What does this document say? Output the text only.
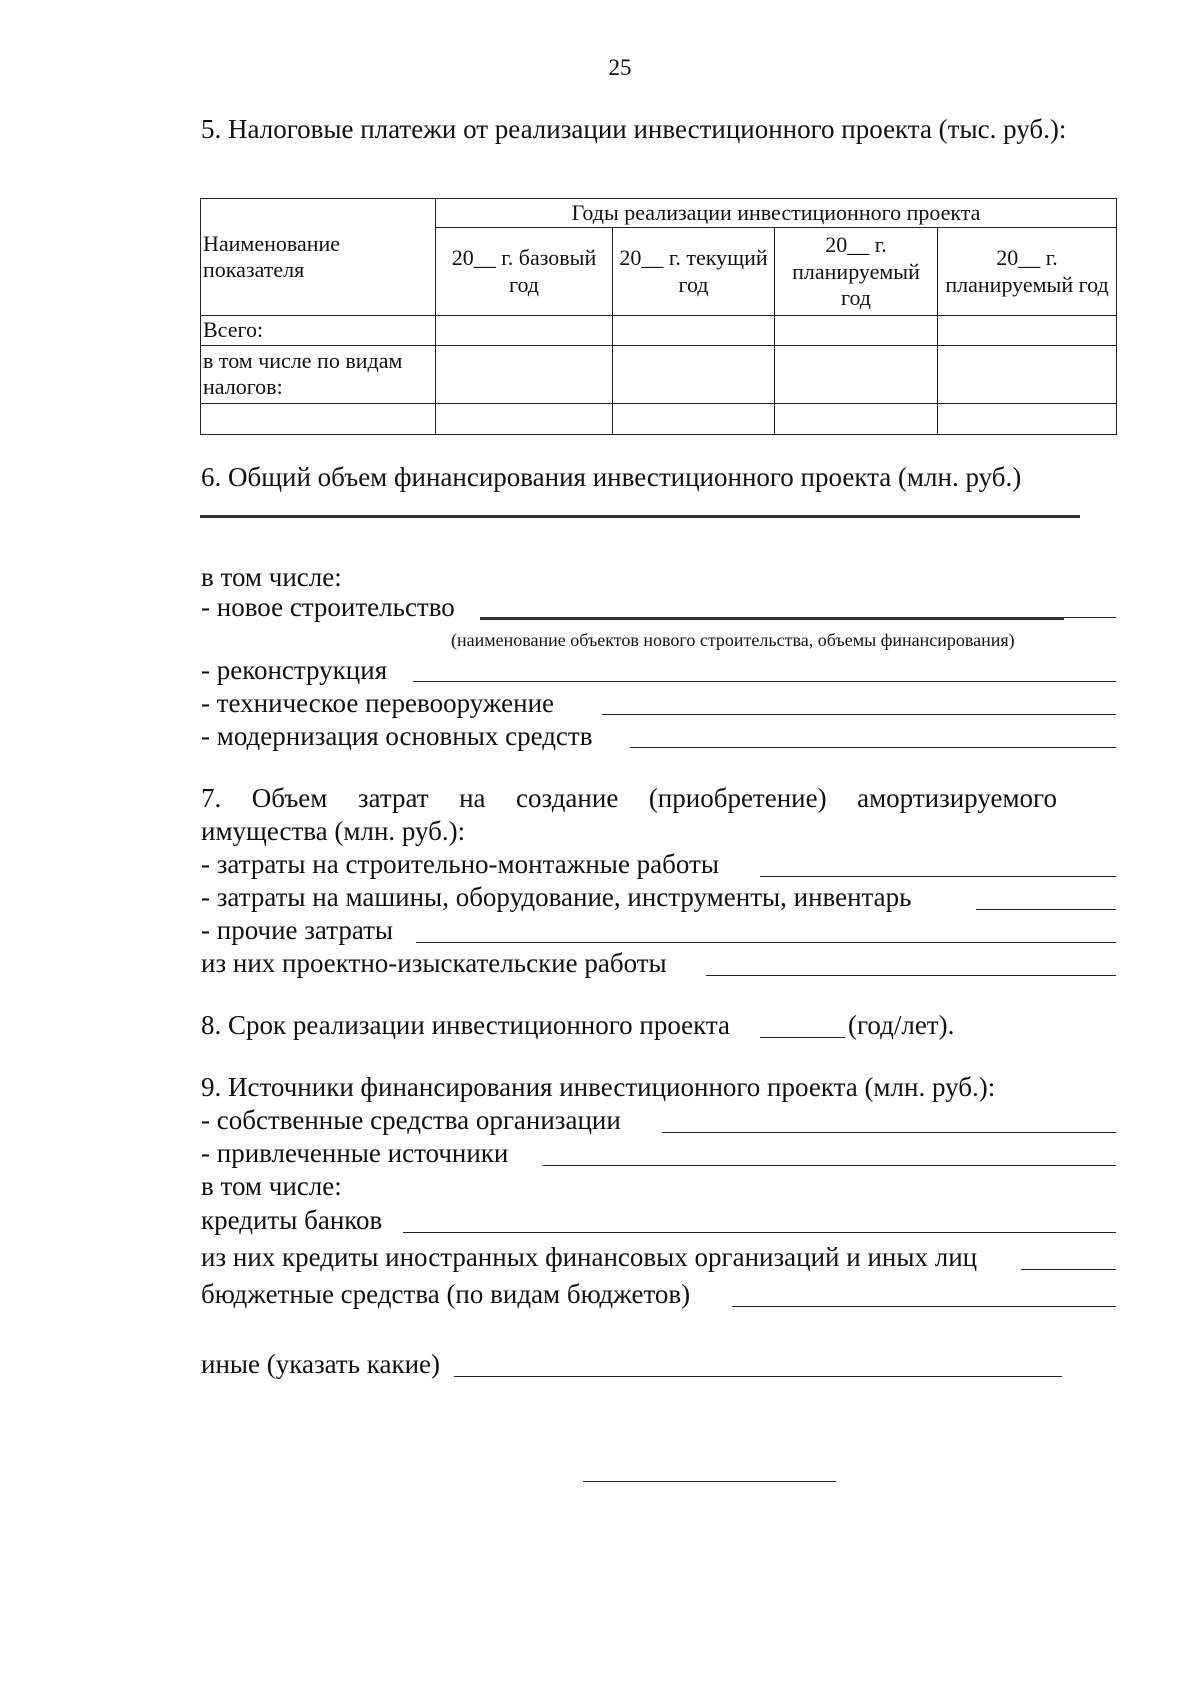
25
5. Налоговые платежи от реализации инвестиционного проекта (тыс. руб.):
Наименование показателя	Годы реализации инвестиционного проекта			
	20__ г. базовый год	20__ г. текущий год	20__ г. планируемый год	20__ г. планируемый год
Всего:				
в том числе по видам налогов:				

6. Общий объем финансирования инвестиционного проекта (млн. руб.)
в том числе:
- новое строительство
(наименование объектов нового строительства, объемы финансирования)
- реконструкция
- техническое перевооружение
- модернизация основных средств
7. Объем затрат на создание (приобретение) амортизируемого
имущества (млн. руб.):
- затраты на строительно-монтажные работы
- затраты на машины, оборудование, инструменты, инвентарь
- прочие затраты
из них проектно-изыскательские работы
8. Срок реализации инвестиционного проекта	(год/лет).
9. Источники финансирования инвестиционного проекта (млн. руб.):
- собственные средства организации
- привлеченные источники
в том числе:
кредиты банков
из них кредиты иностранных финансовых организаций и иных лиц
бюджетные средства (по видам бюджетов)
иные (указать какие)
